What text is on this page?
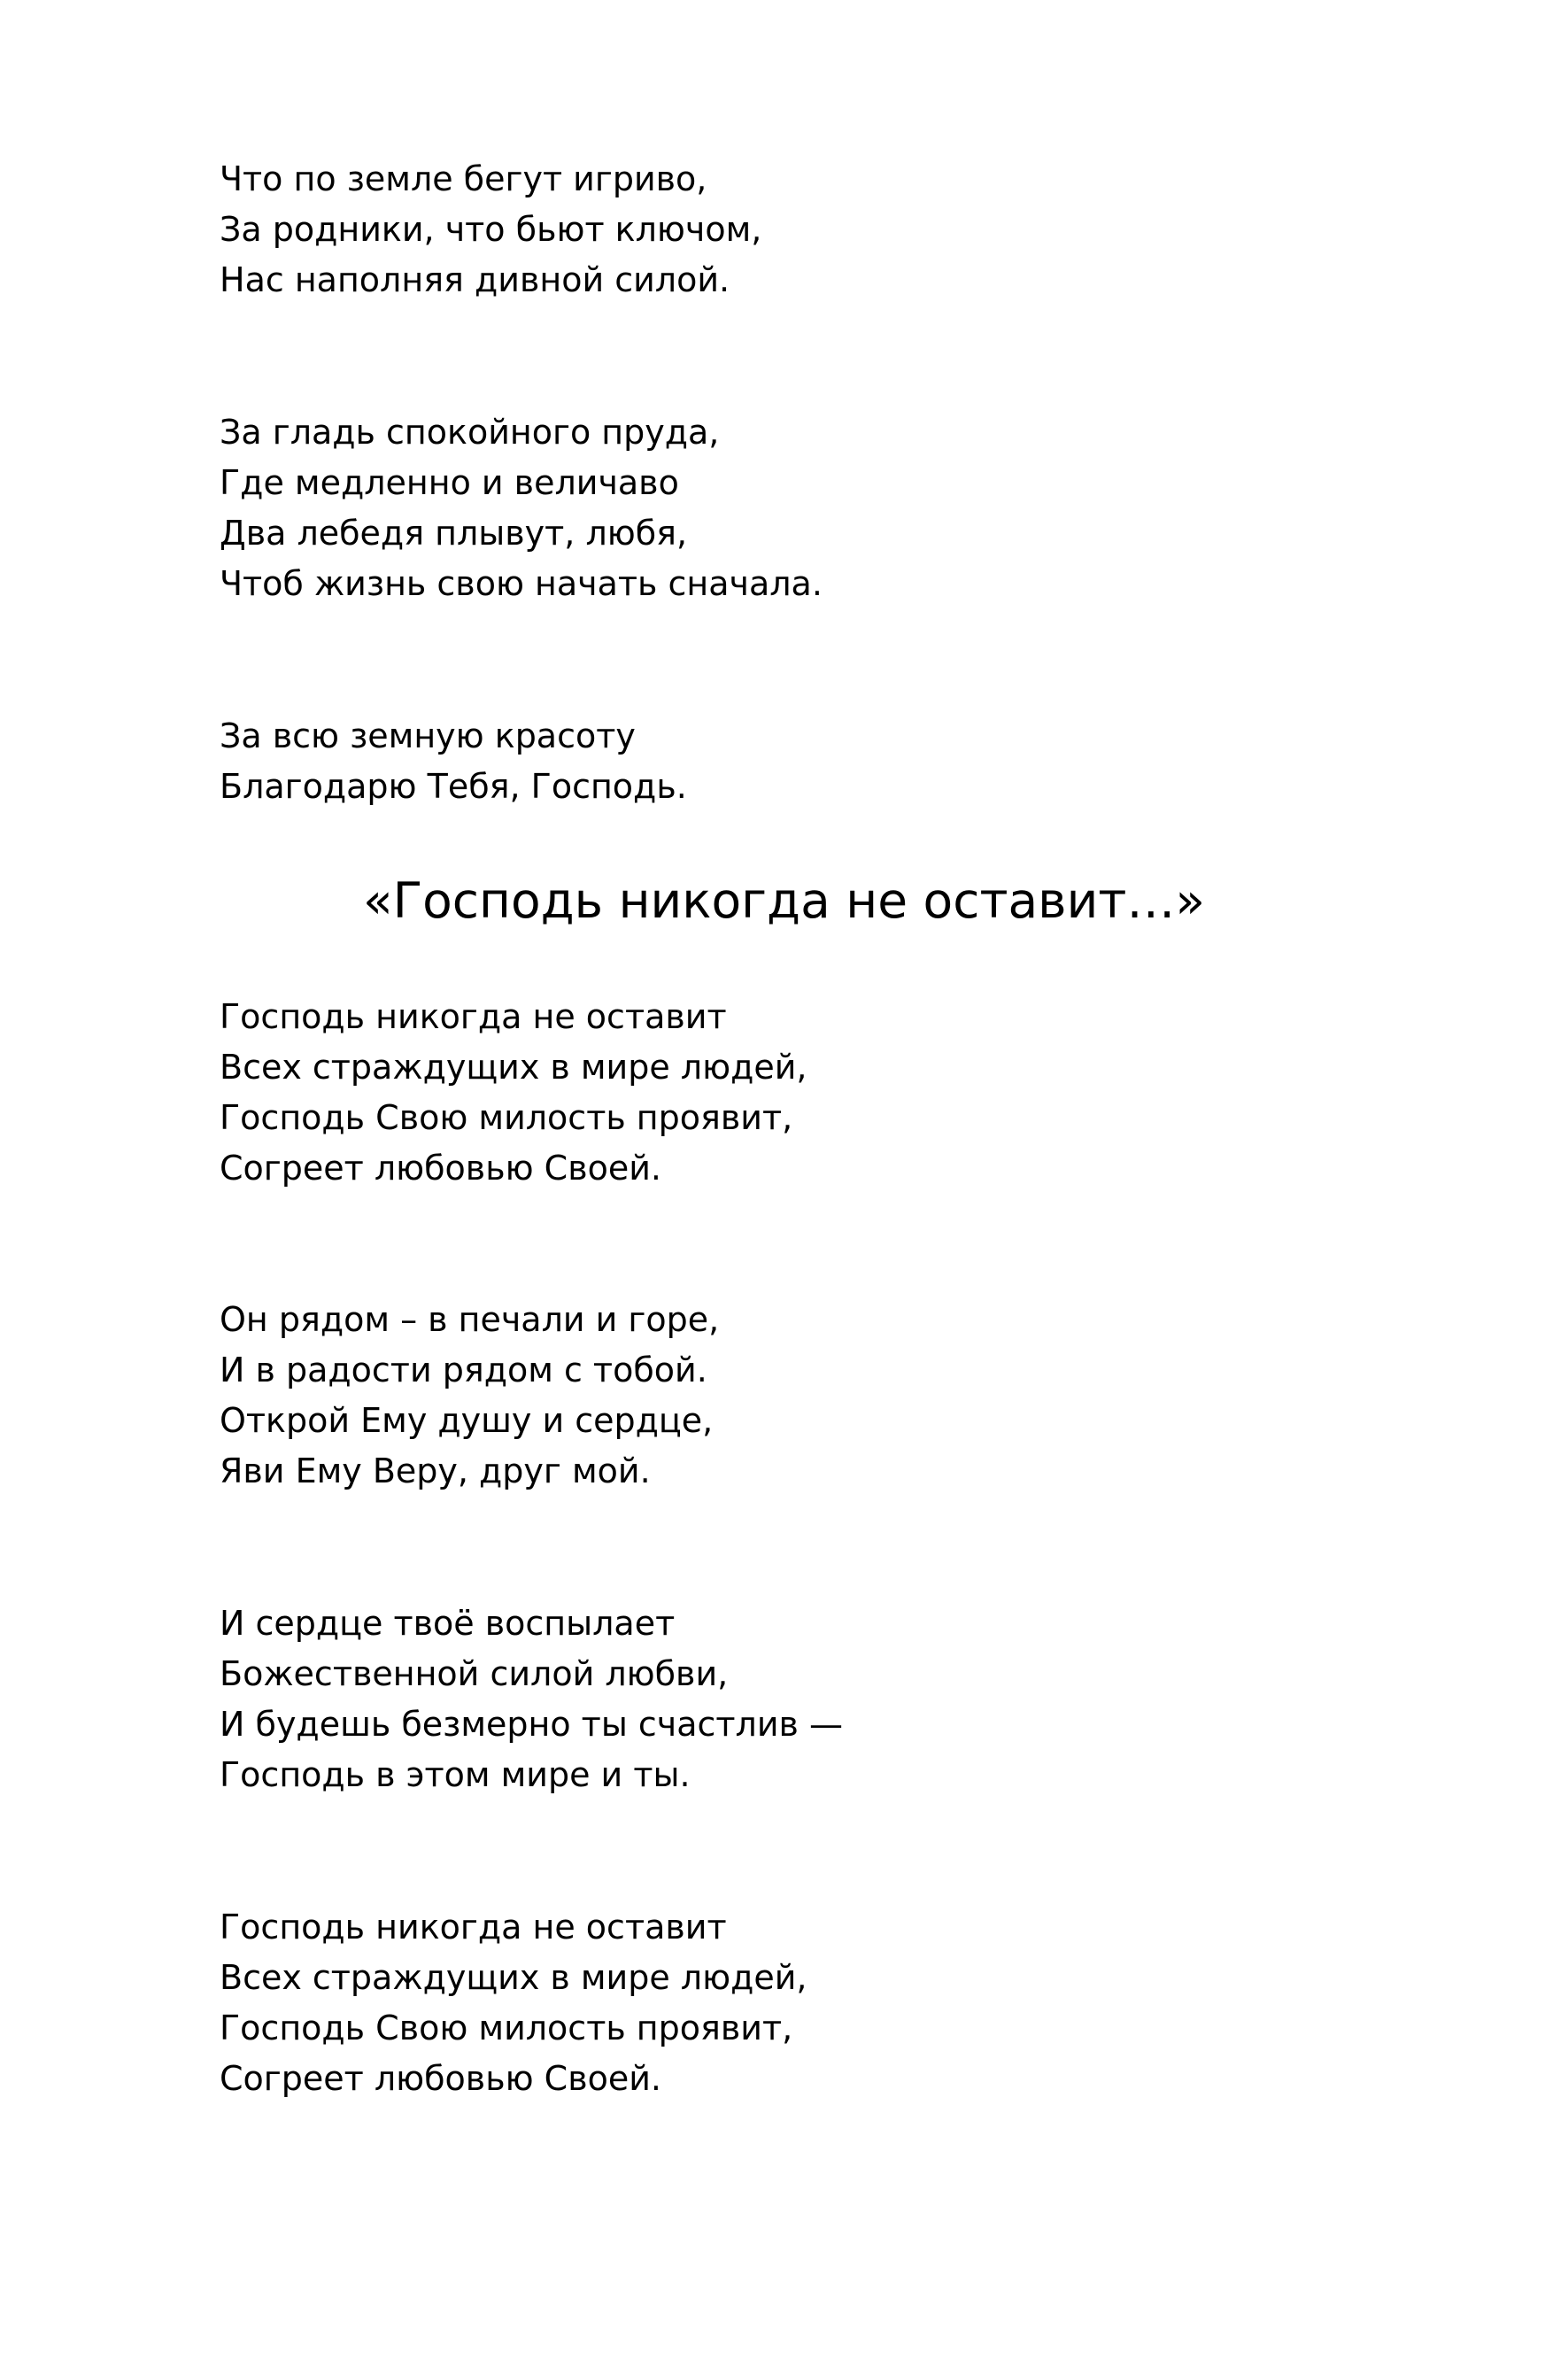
Что по земле бегут игриво,
За родники, что бьют ключом,
Нас наполняя дивной силой.
За гладь спокойного пруда,
Где медленно и величаво
Два лебедя плывут, любя,
Чтоб жизнь свою начать сначала.
За всю земную красоту
Благодарю Тебя, Господь.
«Господь никогда не оставит…»
Господь никогда не оставит
Всех страждущих в мире людей,
Господь Свою милость проявит,
Согреет любовью Своей.
Он рядом – в печали и горе,
И в радости рядом с тобой.
Открой Ему душу и сердце,
Яви Ему Веру, друг мой.
И сердце твоё воспылает
Божественной силой любви,
И будешь безмерно ты счастлив —
Господь в этом мире и ты.
Господь никогда не оставит
Всех страждущих в мире людей,
Господь Свою милость проявит,
Согреет любовью Своей.
